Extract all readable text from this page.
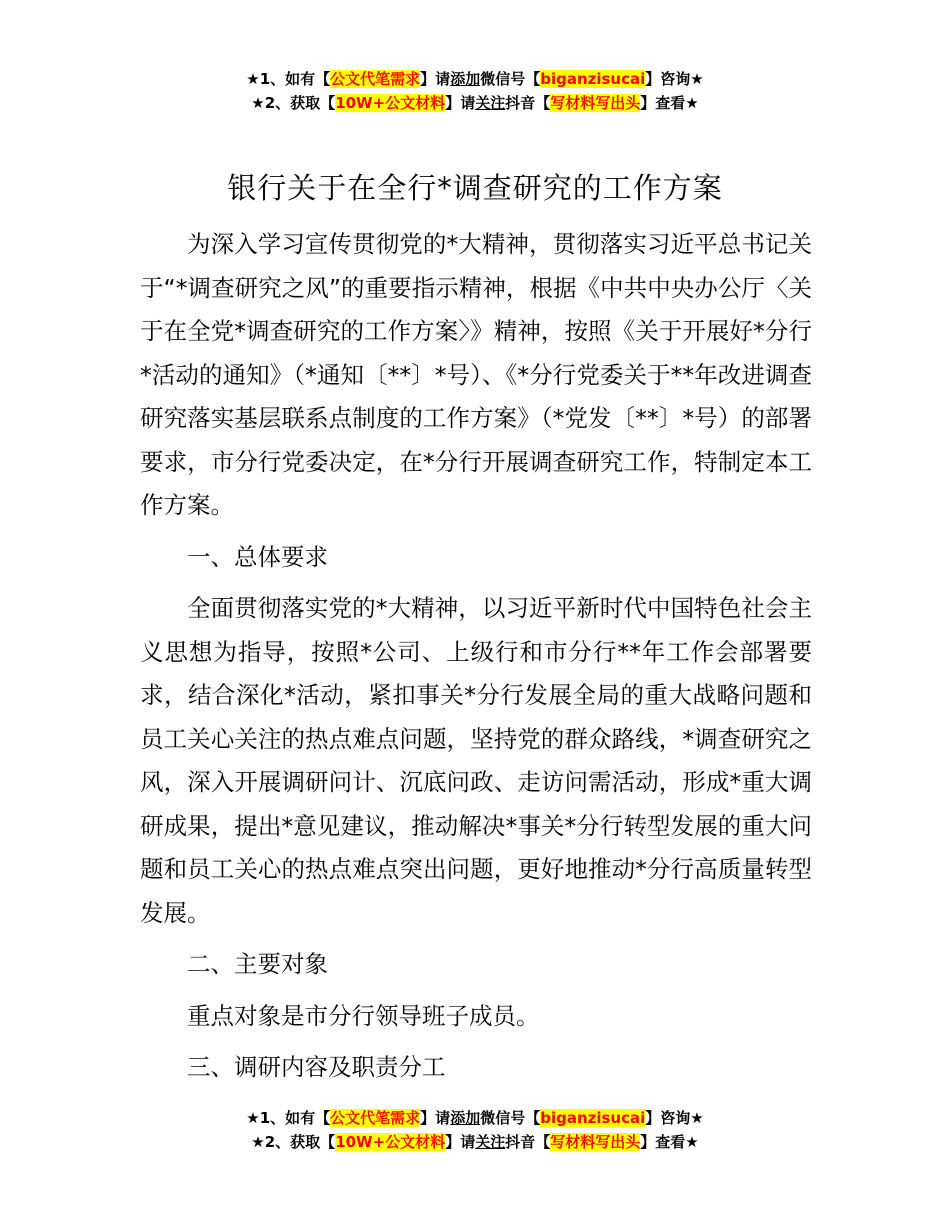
★1、如有【公文代笔需求】请添加微信号【biganzisucai】咨询★
★2、获取【10W+公文材料】请关注抖音【写材料写出头】查看★
银行关于在全行*调查研究的工作方案

为深入学习宣传贯彻党的*大精神，贯彻落实习近平总书记关于“*调查研究之风”的重要指示精神，根据《中共中央办公厅〈关于在全党*调查研究的工作方案〉》精神，按照《关于开展好*分行*活动的通知》（*通知〔**〕*号）、《*分行党委关于**年改进调查研究落实基层联系点制度的工作方案》（*党发〔**〕*号）的部署要求，市分行党委决定，在*分行开展调查研究工作，特制定本工作方案。

一、总体要求

全面贯彻落实党的*大精神，以习近平新时代中国特色社会主义思想为指导，按照*公司、上级行和市分行**年工作会部署要求，结合深化*活动，紧扣事关*分行发展全局的重大战略问题和员工关心关注的热点难点问题，坚持党的群众路线，*调查研究之风，深入开展调研问计、沉底问政、走访问需活动，形成*重大调研成果，提出*意见建议，推动解决*事关*分行转型发展的重大问题和员工关心的热点难点突出问题，更好地推动*分行高质量转型发展。

二、主要对象

重点对象是市分行领导班子成员。

三、调研内容及职责分工

★1、如有【公文代笔需求】请添加微信号【biganzisucai】咨询★
★2、获取【10W+公文材料】请关注抖音【写材料写出头】查看★
